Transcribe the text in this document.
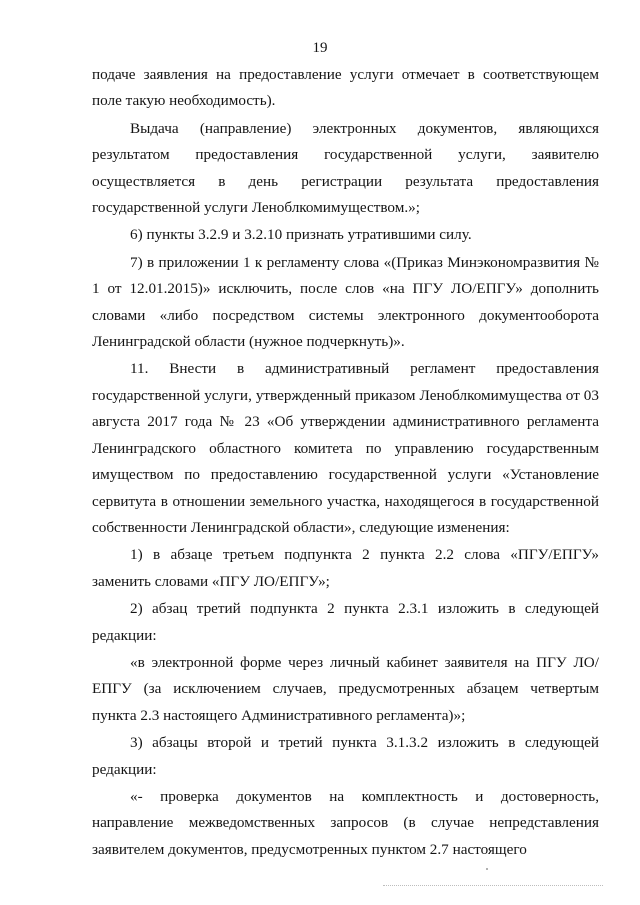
19

подаче заявления на предоставление услуги отмечает в соответствующем поле такую необходимость).

Выдача (направление) электронных документов, являющихся результатом предоставления государственной услуги, заявителю осуществляется в день регистрации результата предоставления государственной услуги Леноблкомимуществом.»;

6) пункты 3.2.9 и 3.2.10 признать утратившими силу.

7) в приложении 1 к регламенту слова «(Приказ Минэкономразвития № 1 от 12.01.2015)» исключить, после слов «на ПГУ ЛО/ЕПГУ» дополнить словами «либо посредством системы электронного документооборота Ленинградской области (нужное подчеркнуть)».

11. Внести в административный регламент предоставления государственной услуги, утвержденный приказом Леноблкомимущества от 03 августа 2017 года № 23 «Об утверждении административного регламента Ленинградского областного комитета по управлению государственным имуществом по предоставлению государственной услуги «Установление сервитута в отношении земельного участка, находящегося в государственной собственности Ленинградской области», следующие изменения:

1) в абзаце третьем подпункта 2 пункта 2.2 слова «ПГУ/ЕПГУ» заменить словами «ПГУ ЛО/ЕПГУ»;

2) абзац третий подпункта 2 пункта 2.3.1 изложить в следующей редакции:

«в электронной форме через личный кабинет заявителя на ПГУ ЛО/ЕПГУ (за исключением случаев, предусмотренных абзацем четвертым пункта 2.3 настоящего Административного регламента)»;

3) абзацы второй и третий пункта 3.1.3.2 изложить в следующей редакции:

«- проверка документов на комплектность и достоверность, направление межведомственных запросов (в случае непредставления заявителем документов, предусмотренных пунктом 2.7 настоящего
